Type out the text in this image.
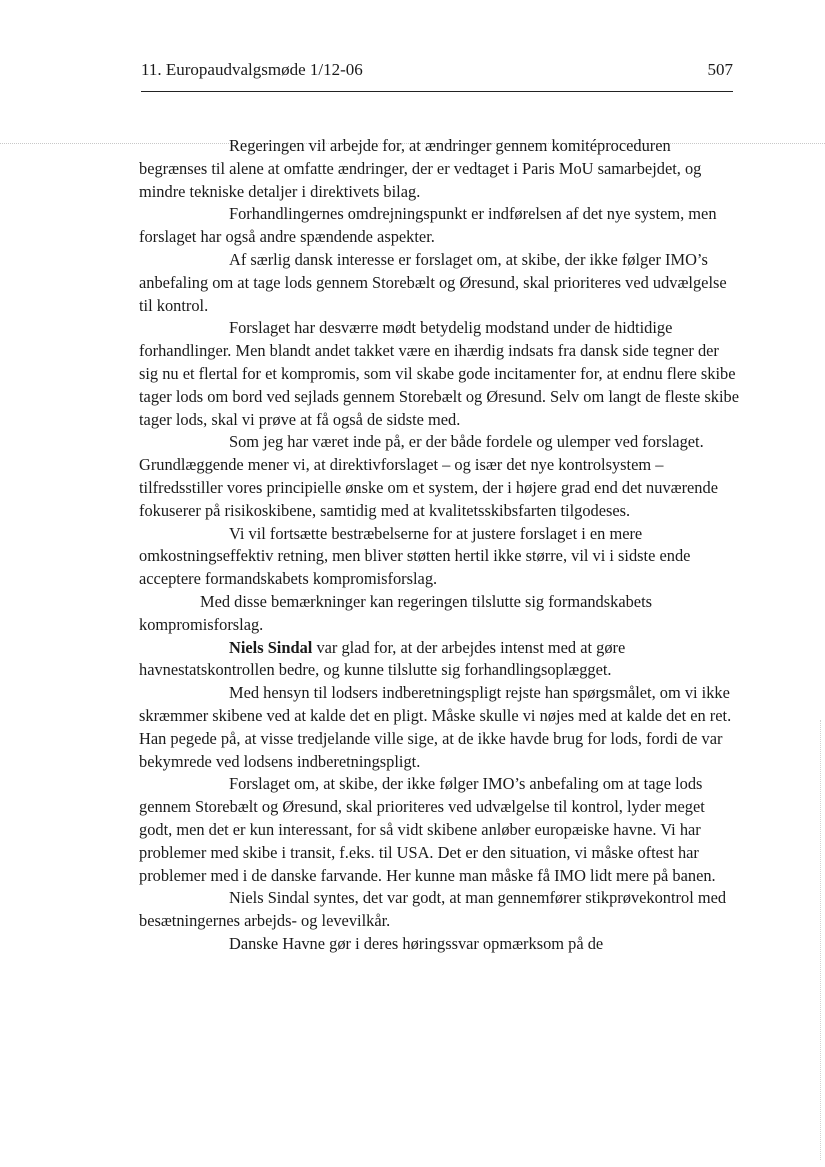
11. Europaudvalgsmøde 1/12-06	507

Regeringen vil arbejde for, at ændringer gennem komitéproceduren begrænses til alene at omfatte ændringer, der er vedtaget i Paris MoU samarbejdet, og mindre tekniske detaljer i direktivets bilag.

Forhandlingernes omdrejningspunkt er indførelsen af det nye system, men forslaget har også andre spændende aspekter.

Af særlig dansk interesse er forslaget om, at skibe, der ikke følger IMO’s anbefaling om at tage lods gennem Storebælt og Øresund, skal prioriteres ved udvælgelse til kontrol.

Forslaget har desværre mødt betydelig modstand under de hidtidige forhandlinger. Men blandt andet takket være en ihærdig indsats fra dansk side tegner der sig nu et flertal for et kompromis, som vil skabe gode incitamenter for, at endnu flere skibe tager lods om bord ved sejlads gennem Storebælt og Øresund. Selv om langt de fleste skibe tager lods, skal vi prøve at få også de sidste med.

Som jeg har været inde på, er der både fordele og ulemper ved forslaget. Grundlæggende mener vi, at direktivforslaget – og især det nye kontrolsystem – tilfredsstiller vores principielle ønske om et system, der i højere grad end det nuværende fokuserer på risikoskibene, samtidig med at kvalitetsskibsfarten tilgodeses.

Vi vil fortsætte bestræbelserne for at justere forslaget i en mere omkostningseffektiv retning, men bliver støtten hertil ikke større, vil vi i sidste ende acceptere formandskabets kompromisforslag.

Med disse bemærkninger kan regeringen tilslutte sig formandskabets kompromisforslag.

Niels Sindal var glad for, at der arbejdes intenst med at gøre havnestatskontrollen bedre, og kunne tilslutte sig forhandlingsoplægget.

Med hensyn til lodsers indberetningspligt rejste han spørgsmålet, om vi ikke skræmmer skibene ved at kalde det en pligt. Måske skulle vi nøjes med at kalde det en ret. Han pegede på, at visse tredjelande ville sige, at de ikke havde brug for lods, fordi de var bekymrede ved lodsens indberetningspligt.

Forslaget om, at skibe, der ikke følger IMO’s anbefaling om at tage lods gennem Storebælt og Øresund, skal prioriteres ved udvælgelse til kontrol, lyder meget godt, men det er kun interessant, for så vidt skibene anløber europæiske havne. Vi har problemer med skibe i transit, f.eks. til USA. Det er den situation, vi måske oftest har problemer med i de danske farvande. Her kunne man måske få IMO lidt mere på banen.

Niels Sindal syntes, det var godt, at man gennemfører stikprøvekontrol med besætningernes arbejds- og levevilkår.

Danske Havne gør i deres høringssvar opmærksom på de
